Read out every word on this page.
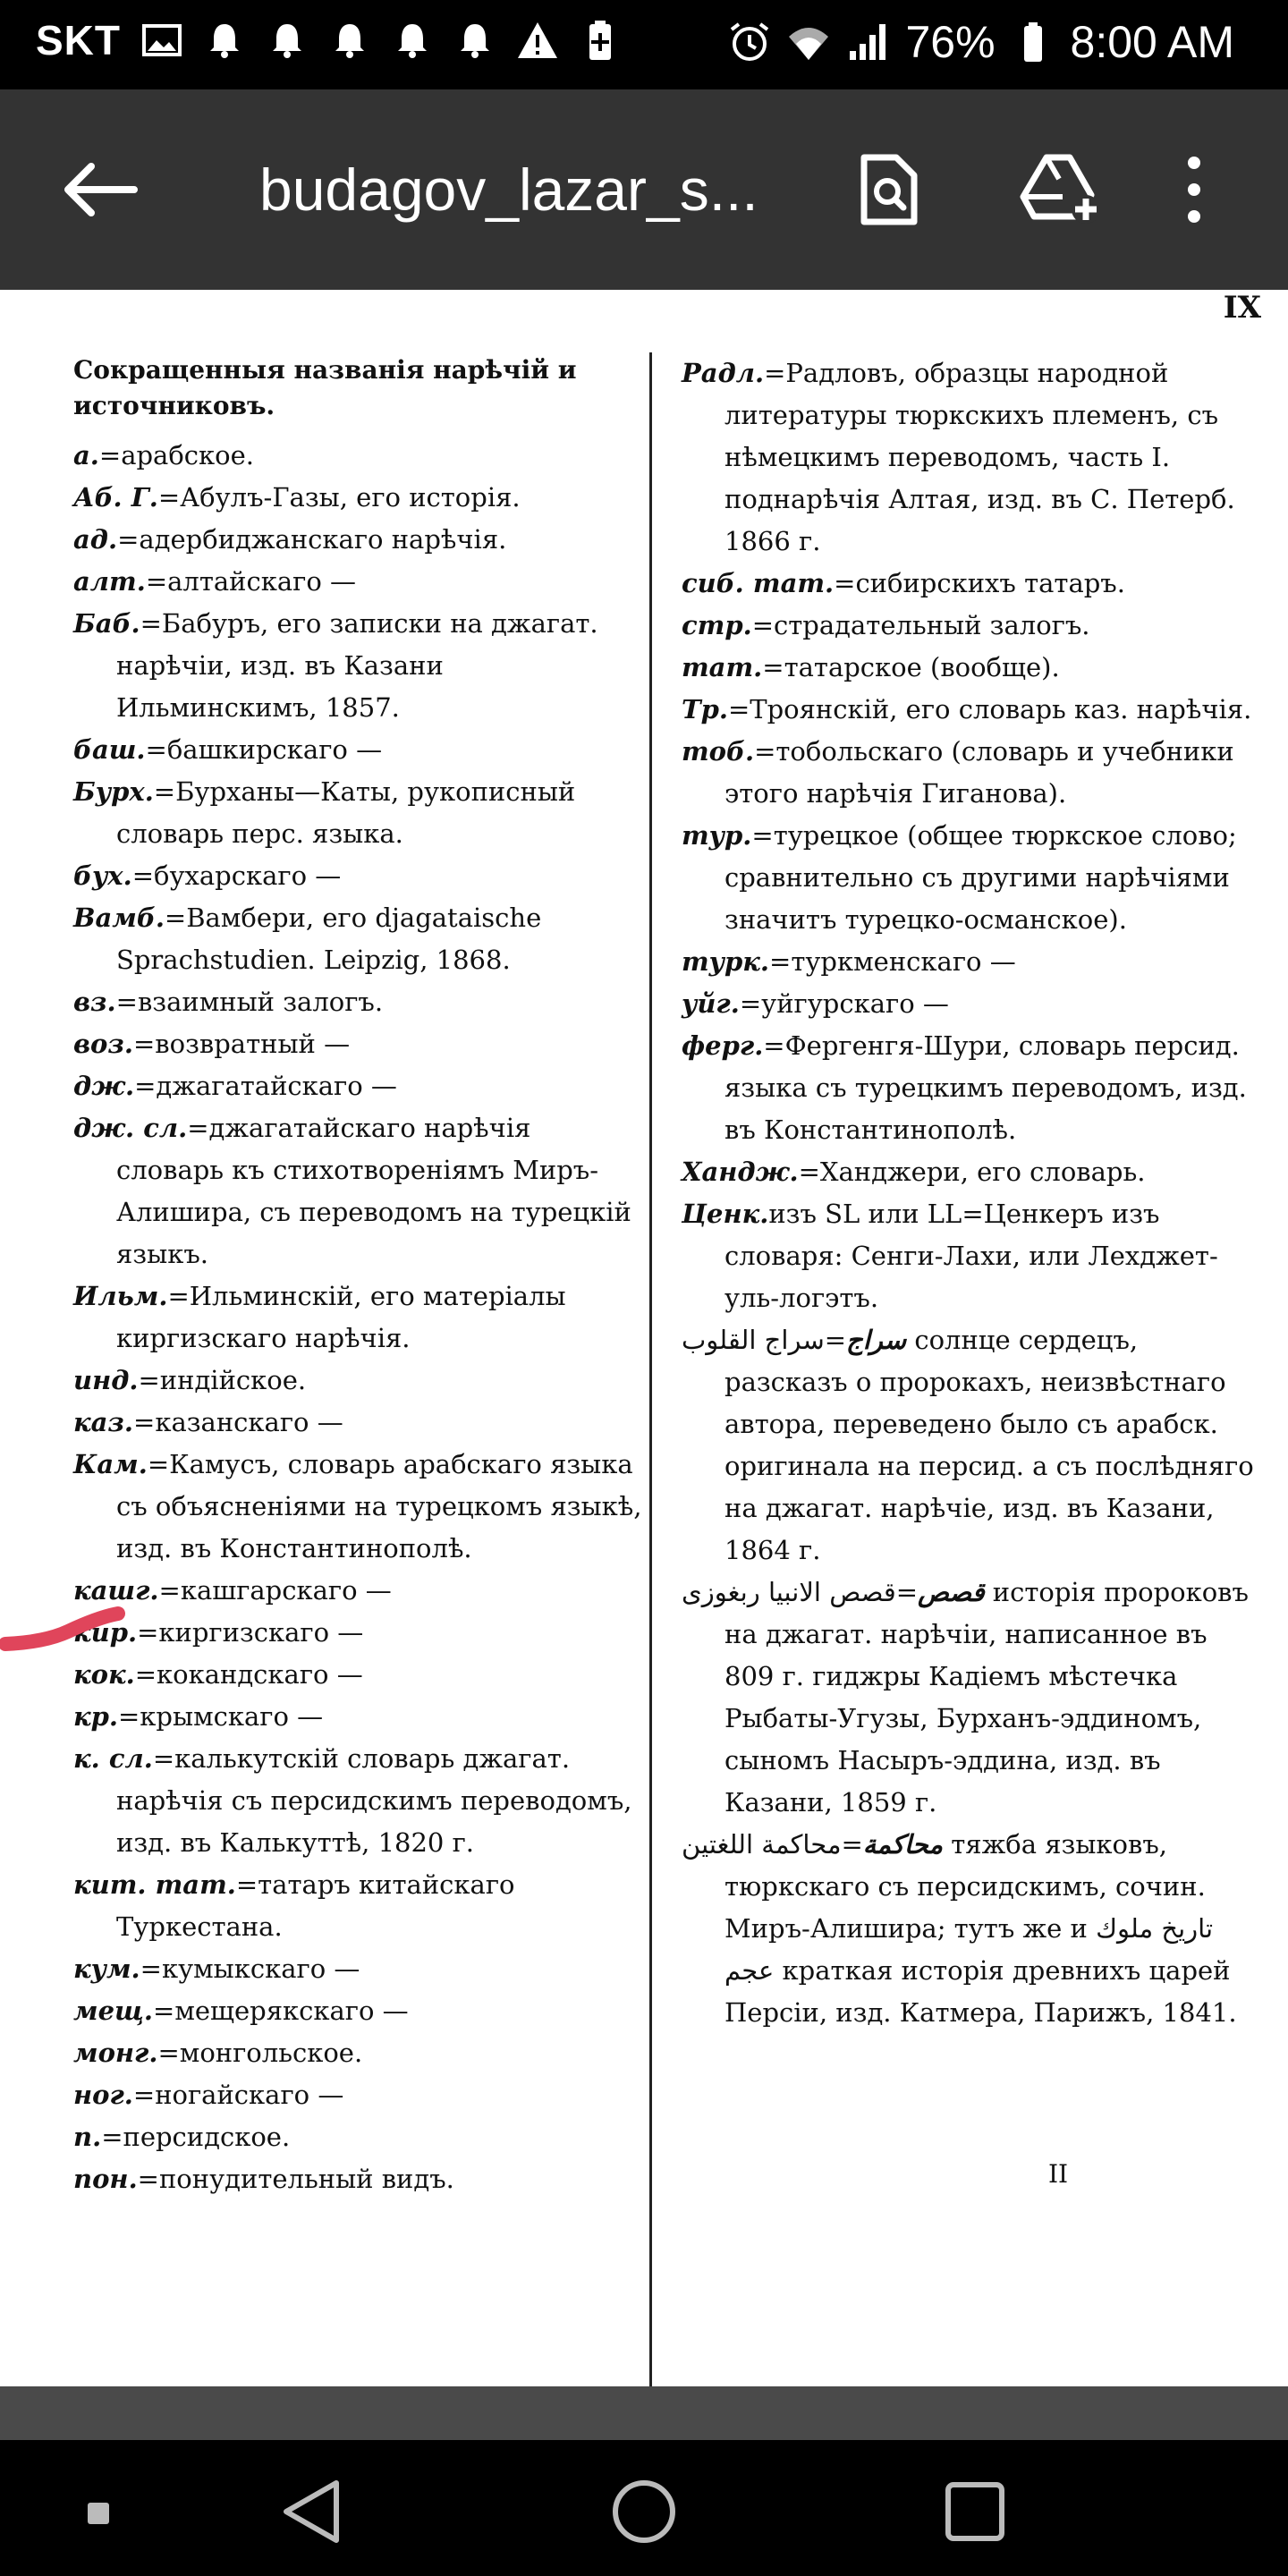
SKT	76% 8:00 AM
budagov_lazar_s...
IX
Сокращенныя названія нарѣчій и источниковъ.

а.=арабское.

Аб. Г.=Абулъ-Газы, его исторія.

ад.=адербиджанскаго нарѣчія.

алт.=алтайскаго —

Баб.=Бабуръ, его записки на джагат. нарѣчіи, изд. въ Казани Ильминскимъ, 1857.

баш.=башкирскаго —

Бурх.=Бурханы—Каты, рукописный словарь перс. языка.

бух.=бухарскаго —

Вамб.=Вамбери, его djagataische Sprachstudien. Leipzig, 1868.

вз.=взаимный залогъ.

воз.=возвратный —

дж.=джагатайскаго —

дж. сл.=джагатайскаго нарѣчія словарь къ стихотвореніямъ Миръ-Алишира, съ переводомъ на турецкій языкъ.

Ильм.=Ильминскій, его матеріалы киргизскаго нарѣчія.

инд.=индійское.

каз.=казанскаго —

Кам.=Камусъ, словарь арабскаго языка съ объясненіями на турецкомъ языкѣ, изд. въ Константинополѣ.

кашг.=кашгарскаго —

кир.=киргизскаго —

кок.=кокандскаго —

кр.=крымскаго —

к. сл.=калькутскій словарь джагат. нарѣчія съ персидскимъ переводомъ, изд. въ Калькуттѣ, 1820 г.

кит. тат.=татаръ китайскаго Туркестана.

кум.=кумыкскаго —

мещ.=мещерякскаго —

монг.=монгольское.

ног.=ногайскаго —

п.=персидское.

пон.=понудительный видъ.

Радл.=Радловъ, образцы народной литературы тюркскихъ племенъ, съ нѣмецкимъ переводомъ, часть I. поднарѣчія Алтая, изд. въ С. Петерб. 1866 г.

сиб. тат.=сибирскихъ татаръ.

стр.=страдательный залогъ.

тат.=татарское (вообще).

Тр.=Троянскій, его словарь каз. нарѣчія.

тоб.=тобольскаго (словарь и учебники этого нарѣчія Гиганова).

тур.=турецкое (общее тюркское слово; сравнительно съ другими нарѣчіями значитъ турецко-османское).

турк.=туркменскаго —

уйг.=уйгурскаго —

ферг.=Фергенгя-Шури, словарь персид. языка съ турецкимъ переводомъ, изд. въ Константинополѣ.

Хандж.=Ханджери, его словарь.

Ценк.изъ SL или LL=Ценкеръ изъ словаря: Сенги-Лахи, или Лехджет-уль-логэтъ.

سراج=سراج القلوب солнце сердецъ, разсказъ о пророкахъ, неизвѣстнаго автора, переведено было съ арабск. оригинала на персид. а съ послѣдняго на джагат. нарѣчіе, изд. въ Казани, 1864 г.

قصص=قصص الانبيا ربغوزى исторія пророковъ на джагат. нарѣчіи, написанное въ 809 г. гиджры Кадіемъ мѣстечка Рыбаты-Угузы, Бурханъ-эддиномъ, сыномъ Насыръ-эддина, изд. въ Казани, 1859 г.

محاكمة=محاكمة اللغتين тяжба языковъ, тюркскаго съ персидскимъ, сочин. Миръ-Алишира; тутъ же и تاريخ ملوك عجم краткая исторія древнихъ царей Персіи, изд. Катмера, Парижъ, 1841.

II
